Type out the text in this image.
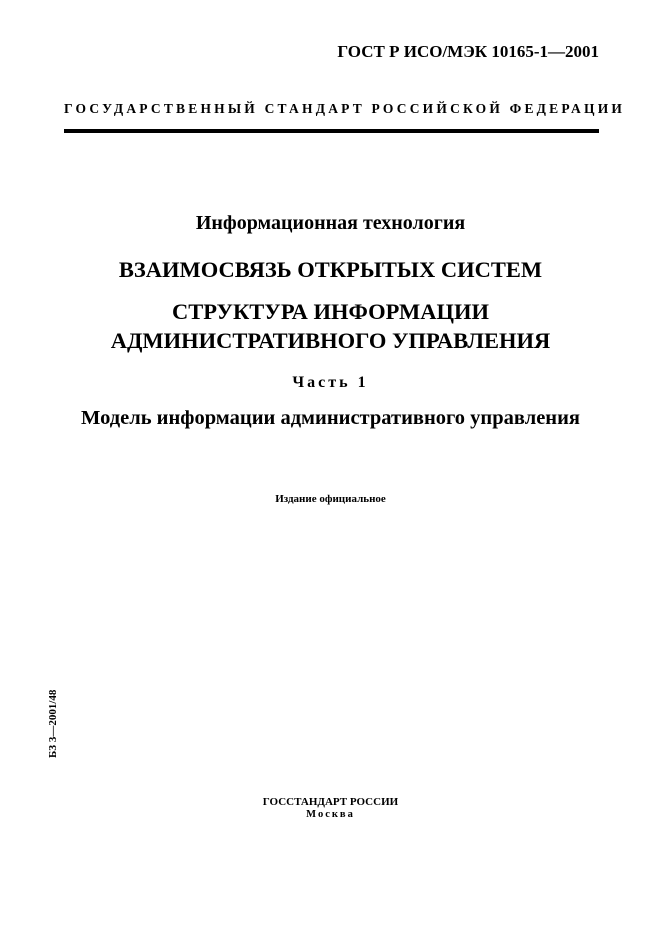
ГОСТ Р ИСО/МЭК 10165-1—2001
ГОСУДАРСТВЕННЫЙ СТАНДАРТ РОССИЙСКОЙ ФЕДЕРАЦИИ
Информационная технология
ВЗАИМОСВЯЗЬ ОТКРЫТЫХ СИСТЕМ
СТРУКТУРА ИНФОРМАЦИИ
АДМИНИСТРАТИВНОГО УПРАВЛЕНИЯ
Часть 1
Модель информации административного управления
Издание официальное
БЗ 3—2001/48
ГОССТАНДАРТ РОССИИ
Москва
